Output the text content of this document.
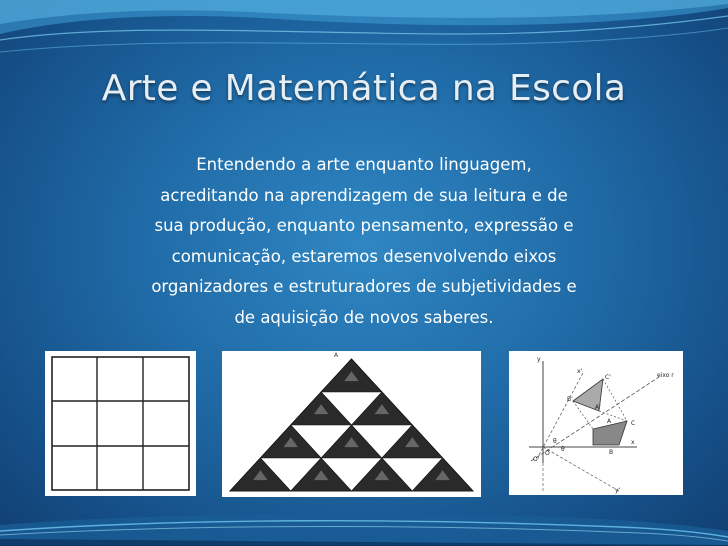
Arte e Matemática na Escola
Entendendo a arte enquanto linguagem,
acreditando na aprendizagem de sua leitura e de
sua produção, enquanto pensamento, expressão e
comunicação, estaremos desenvolvendo eixos
organizadores e estruturadores de subjetividades e
de aquisição de novos saberes.
A
y
x
y'
x'
C'
B'
A'
A
B
C
O
O'
θ
θ
eixo r
